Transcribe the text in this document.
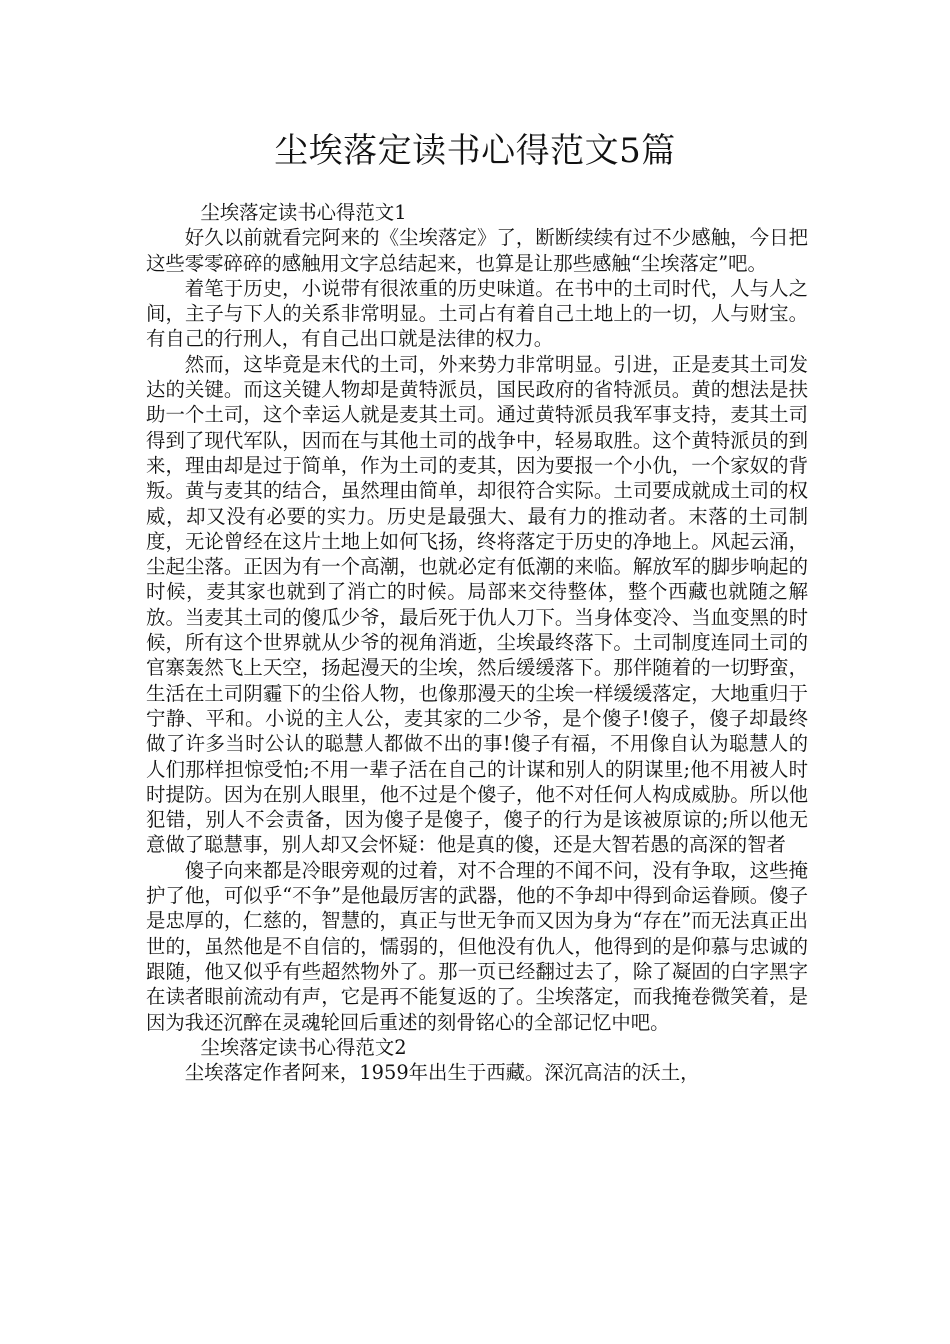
尘埃落定读书心得范文5篇

尘埃落定读书心得范文1

好久以前就看完阿来的《尘埃落定》了，断断续续有过不少感触，今日把这些零零碎碎的感触用文字总结起来，也算是让那些感触“尘埃落定”吧。

着笔于历史，小说带有很浓重的历史味道。在书中的土司时代，人与人之间，主子与下人的关系非常明显。土司占有着自己土地上的一切，人与财宝。有自己的行刑人，有自己出口就是法律的权力。

然而，这毕竟是末代的土司，外来势力非常明显。引进，正是麦其土司发达的关键。而这关键人物却是黄特派员，国民政府的省特派员。黄的想法是扶助一个土司，这个幸运人就是麦其土司。通过黄特派员我军事支持，麦其土司得到了现代军队，因而在与其他土司的战争中，轻易取胜。这个黄特派员的到来，理由却是过于简单，作为土司的麦其，因为要报一个小仇，一个家奴的背叛。黄与麦其的结合，虽然理由简单，却很符合实际。土司要成就成土司的权威，却又没有必要的实力。历史是最强大、最有力的推动者。末落的土司制度，无论曾经在这片土地上如何飞扬，终将落定于历史的净地上。风起云涌，尘起尘落。正因为有一个高潮，也就必定有低潮的来临。解放军的脚步响起的时候，麦其家也就到了消亡的时候。局部来交待整体，整个西藏也就随之解放。当麦其土司的傻瓜少爷，最后死于仇人刀下。当身体变冷、当血变黑的时候，所有这个世界就从少爷的视角消逝，尘埃最终落下。土司制度连同土司的官寨轰然飞上天空，扬起漫天的尘埃，然后缓缓落下。那伴随着的一切野蛮，生活在土司阴霾下的尘俗人物，也像那漫天的尘埃一样缓缓落定，大地重归于宁静、平和。小说的主人公，麦其家的二少爷，是个傻子!傻子，傻子却最终做了许多当时公认的聪慧人都做不出的事!傻子有福，不用像自认为聪慧人的人们那样担惊受怕;不用一辈子活在自己的计谋和别人的阴谋里;他不用被人时时提防。因为在别人眼里，他不过是个傻子，他不对任何人构成威胁。所以他犯错，别人不会责备，因为傻子是傻子，傻子的行为是该被原谅的;所以他无意做了聪慧事，别人却又会怀疑：他是真的傻，还是大智若愚的高深的智者

傻子向来都是冷眼旁观的过着，对不合理的不闻不问，没有争取，这些掩护了他，可似乎“不争”是他最厉害的武器，他的不争却中得到命运眷顾。傻子是忠厚的，仁慈的，智慧的，真正与世无争而又因为身为“存在”而无法真正出世的，虽然他是不自信的，懦弱的，但他没有仇人，他得到的是仰慕与忠诚的跟随，他又似乎有些超然物外了。那一页已经翻过去了，除了凝固的白字黑字在读者眼前流动有声，它是再不能复返的了。尘埃落定，而我掩卷微笑着，是因为我还沉醉在灵魂轮回后重述的刻骨铭心的全部记忆中吧。

尘埃落定读书心得范文2

尘埃落定作者阿来，1959年出生于西藏。深沉高洁的沃土，
